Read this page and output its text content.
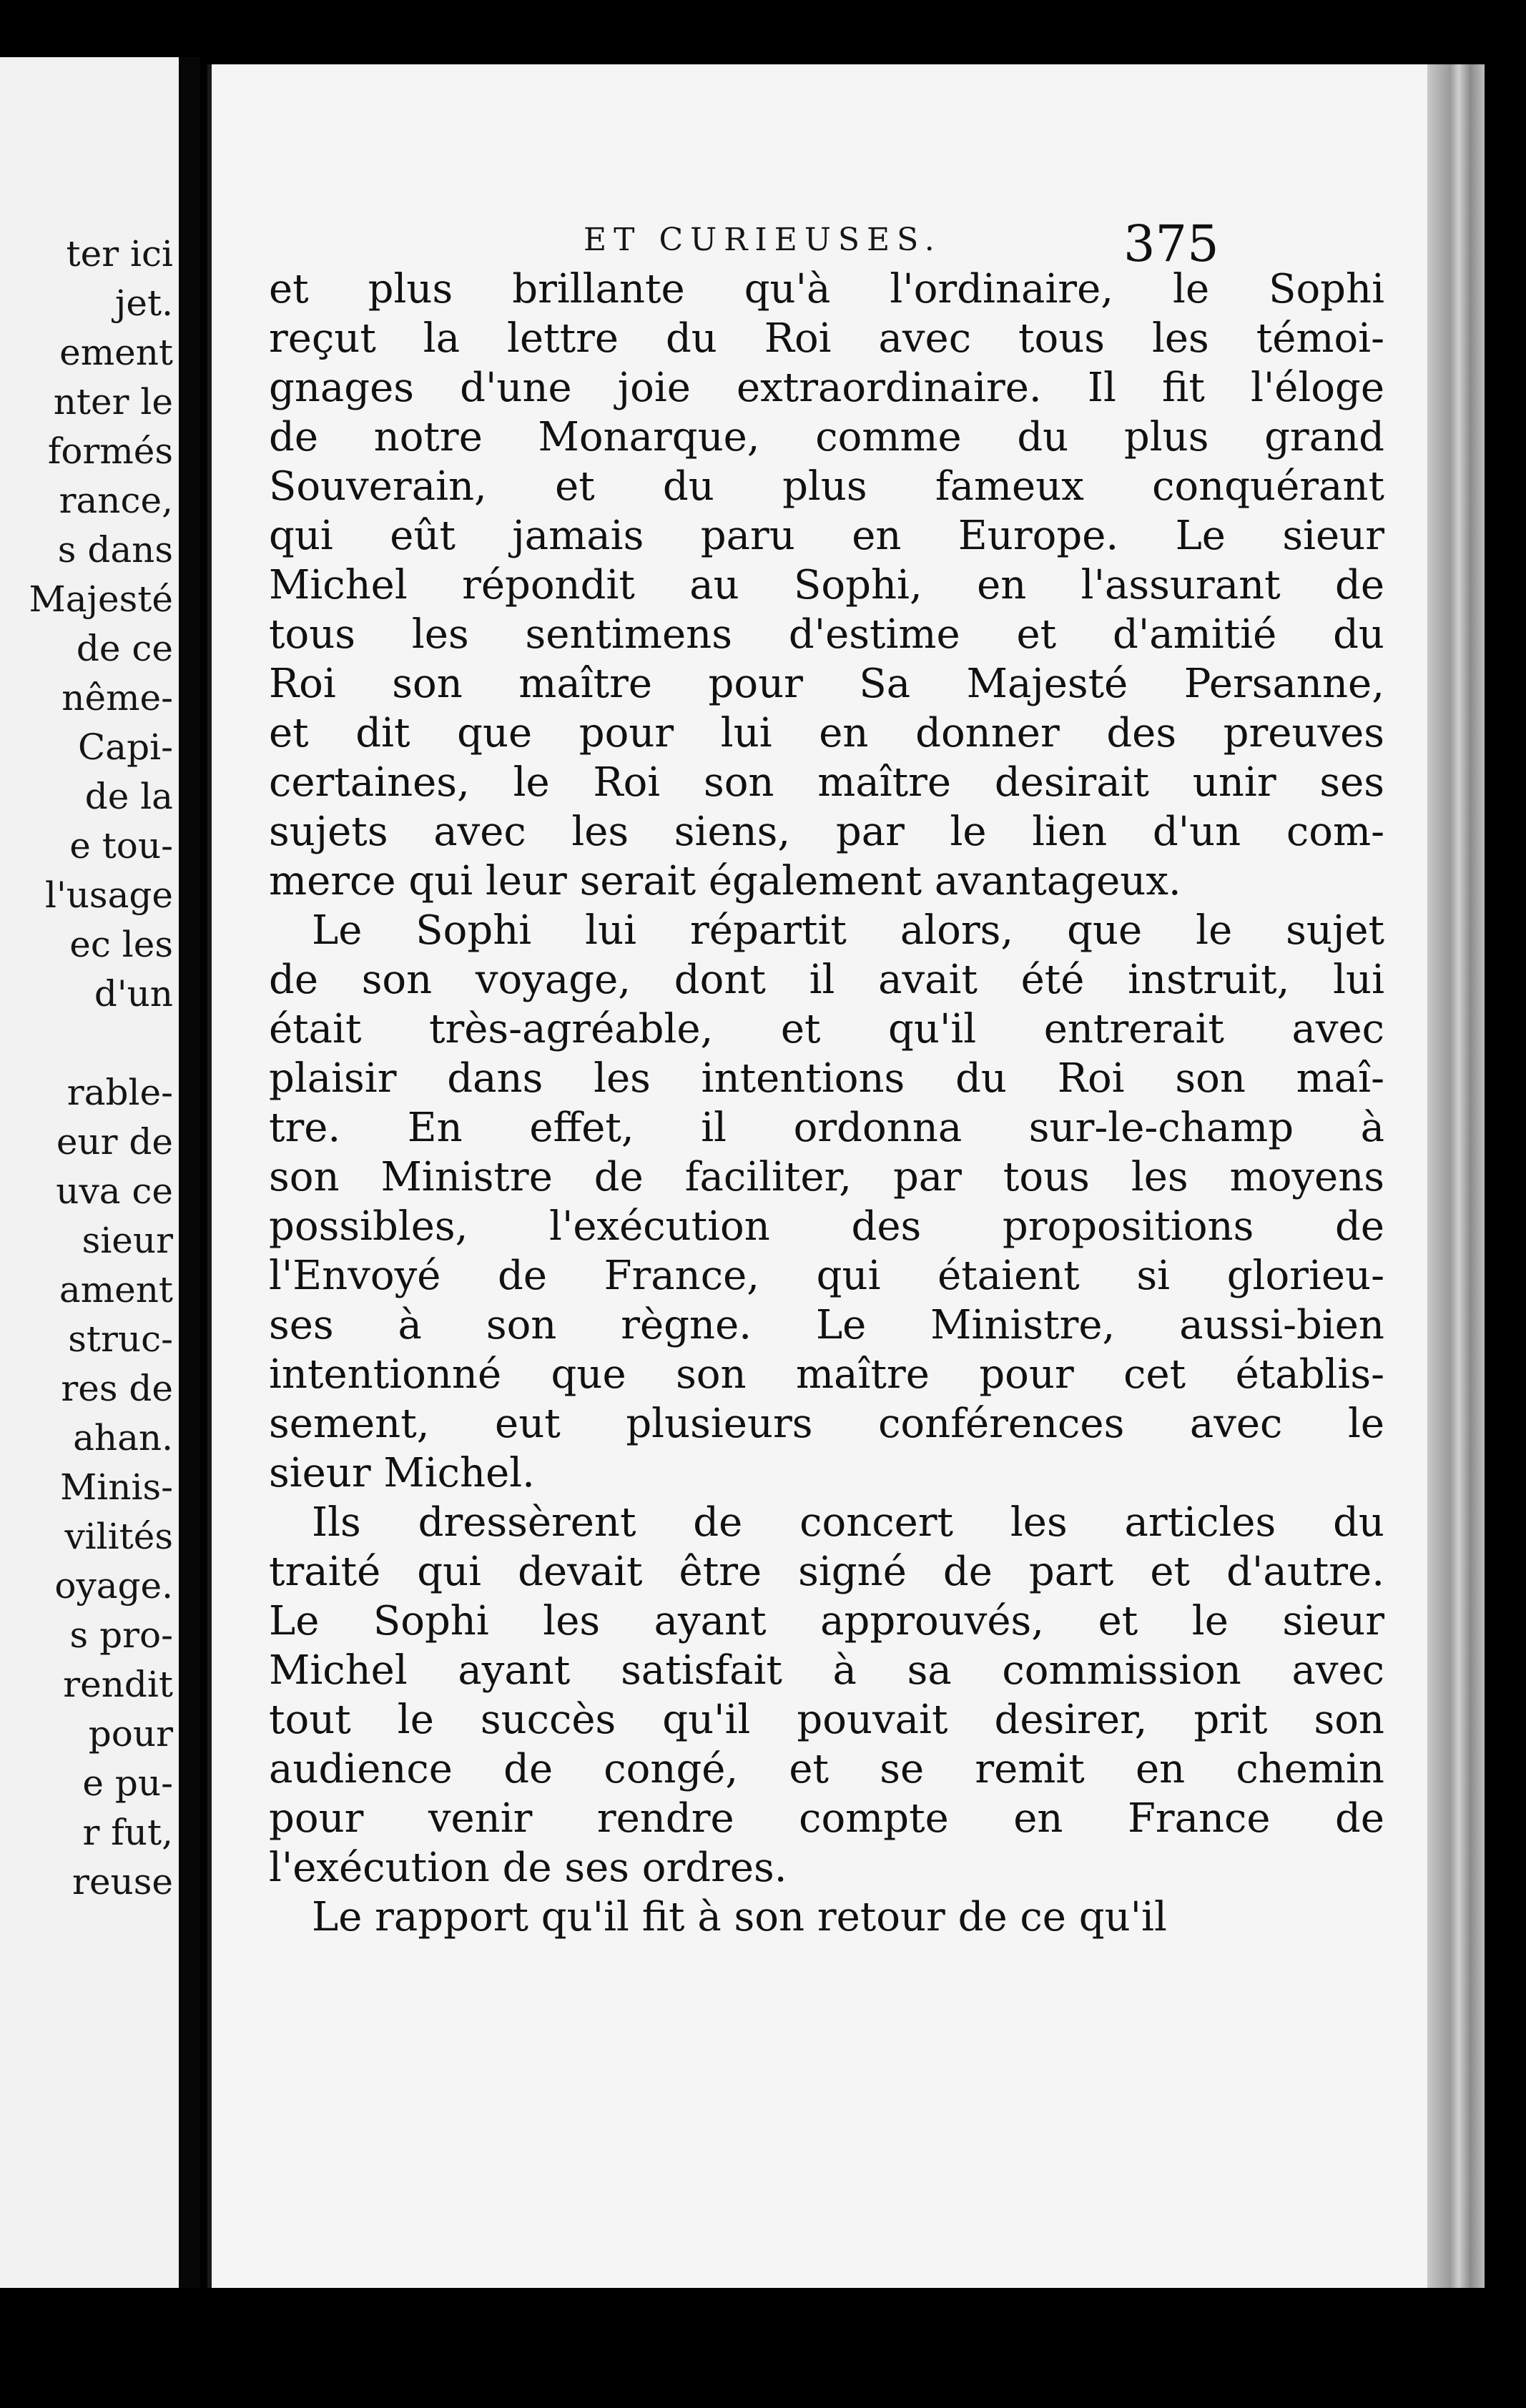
ter ici
jet.
ement
nter le
formés
rance,
s dans
Majesté
de ce
nême-
Capi-
de la
e tou-
l'usage
ec les
d'un
rable-
eur de
uva ce
sieur
ament
struc-
res de
ahan.
Minis-
vilités
oyage.
s pro-
rendit
pour
e pu-
r fut,
reuse
ET CURIEUSES.	375
et plus brillante qu'à l'ordinaire, le Sophi
reçut la lettre du Roi avec tous les témoi-
gnages d'une joie extraordinaire. Il fit l'éloge
de notre Monarque, comme du plus grand
Souverain, et du plus fameux conquérant
qui eût jamais paru en Europe. Le sieur
Michel répondit au Sophi, en l'assurant de
tous les sentimens d'estime et d'amitié du
Roi son maître pour Sa Majesté Persanne,
et dit que pour lui en donner des preuves
certaines, le Roi son maître desirait unir ses
sujets avec les siens, par le lien d'un com-
merce qui leur serait également avantageux.
Le Sophi lui répartit alors, que le sujet
de son voyage, dont il avait été instruit, lui
était très-agréable, et qu'il entrerait avec
plaisir dans les intentions du Roi son maî-
tre. En effet, il ordonna sur-le-champ à
son Ministre de faciliter, par tous les moyens
possibles, l'exécution des propositions de
l'Envoyé de France, qui étaient si glorieu-
ses à son règne. Le Ministre, aussi-bien
intentionné que son maître pour cet établis-
sement, eut plusieurs conférences avec le
sieur Michel.
Ils dressèrent de concert les articles du
traité qui devait être signé de part et d'autre.
Le Sophi les ayant approuvés, et le sieur
Michel ayant satisfait à sa commission avec
tout le succès qu'il pouvait desirer, prit son
audience de congé, et se remit en chemin
pour venir rendre compte en France de
l'exécution de ses ordres.
Le rapport qu'il fit à son retour de ce qu'il
